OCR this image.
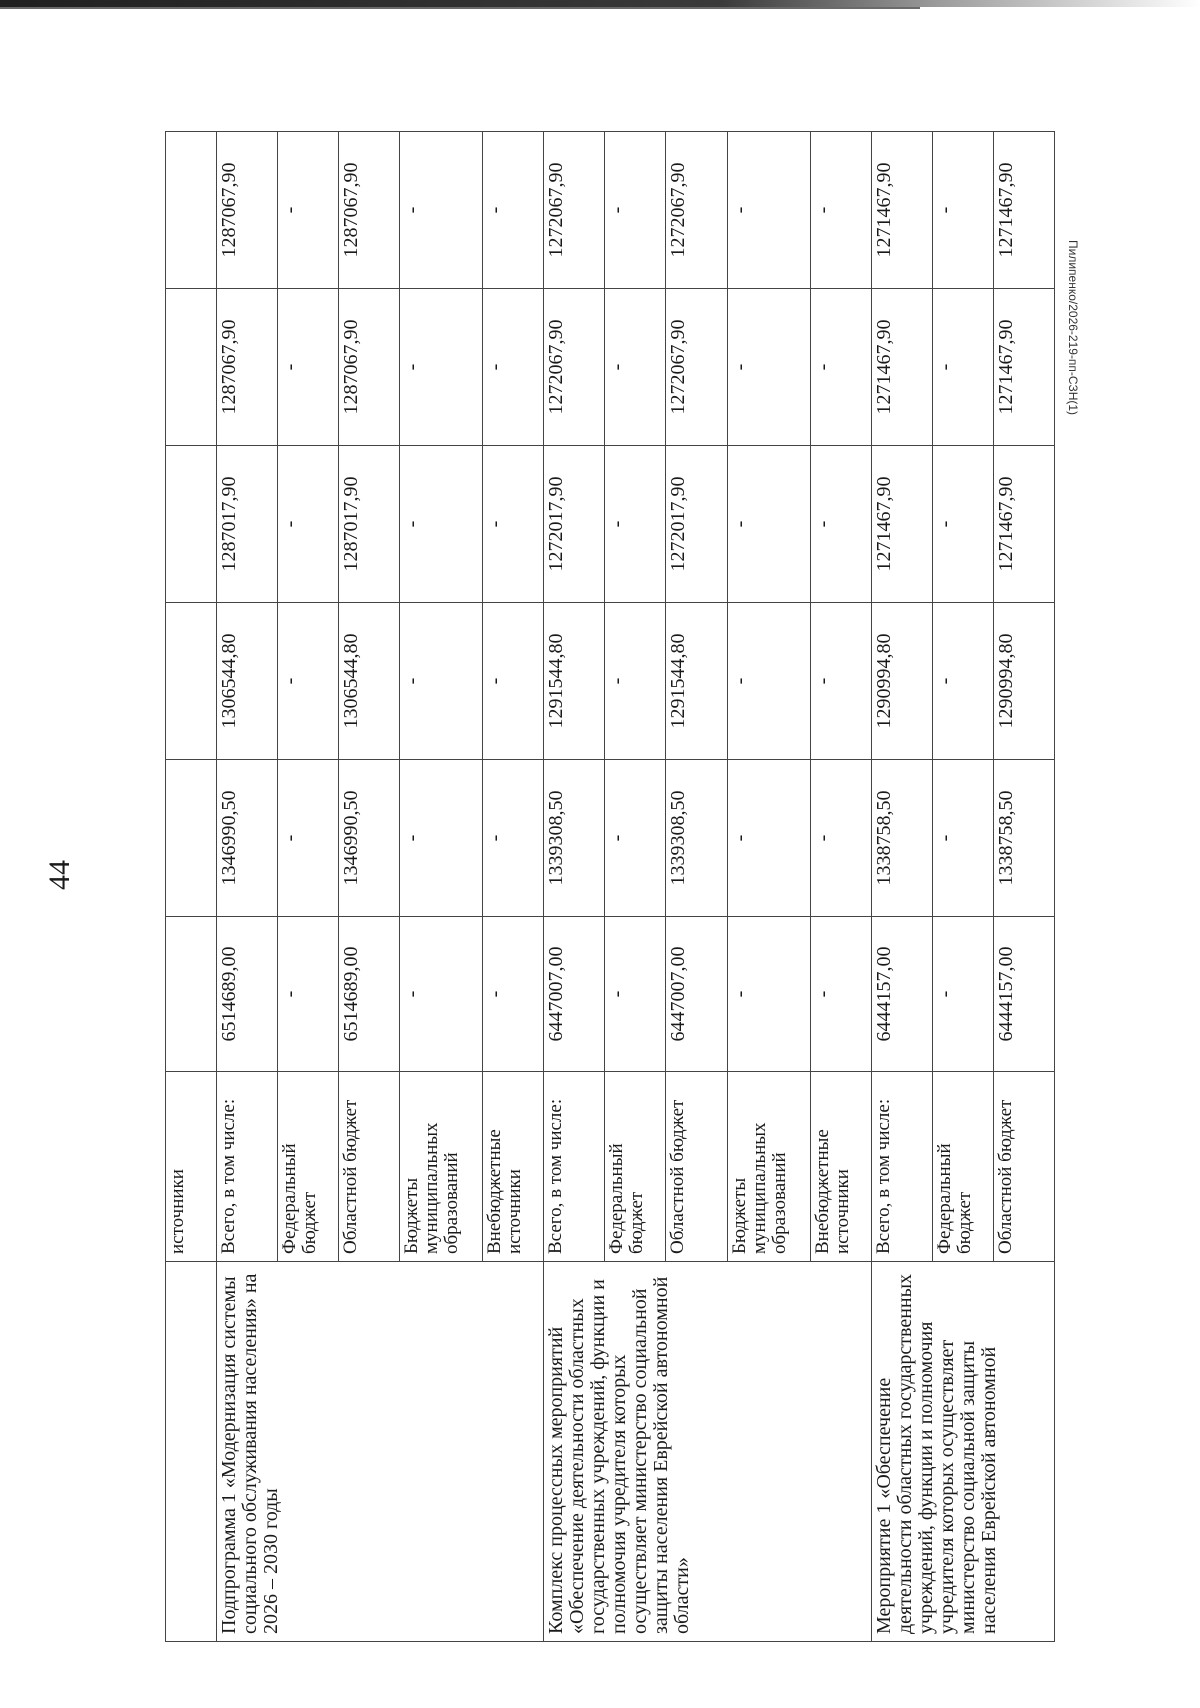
44
Пилипенко/2026-219-пп-СЗН(1)
	источники						
Подпрограмма 1 «Модернизация системы социального обслуживания населения» на 2026 – 2030 годы	Всего, в том числе:	6514689,00	1346990,50	1306544,80	1287017,90	1287067,90	1287067,90
	Федеральный бюджет	-	-	-	-	-	-
	Областной бюджет	6514689,00	1346990,50	1306544,80	1287017,90	1287067,90	1287067,90
	Бюджеты муниципальных образований	-	-	-	-	-	-
	Внебюджетные источники	-	-	-	-	-	-
Комплекс процессных мероприятий «Обеспечение деятельности областных государственных учреждений, функции и полномочия учредителя которых осуществляет министерство социальной защиты населения Еврейской автономной области»	Всего, в том числе:	6447007,00	1339308,50	1291544,80	1272017,90	1272067,90	1272067,90
	Федеральный бюджет	-	-	-	-	-	-
	Областной бюджет	6447007,00	1339308,50	1291544,80	1272017,90	1272067,90	1272067,90
	Бюджеты муниципальных образований	-	-	-	-	-	-
	Внебюджетные источники	-	-	-	-	-	-
Мероприятие 1 «Обеспечение деятельности областных государственных учреждений, функции и полномочия учредителя которых осуществляет министерство социальной защиты населения Еврейской автономной	Всего, в том числе:	6444157,00	1338758,50	1290994,80	1271467,90	1271467,90	1271467,90
	Федеральный бюджет	-	-	-	-	-	-
	Областной бюджет	6444157,00	1338758,50	1290994,80	1271467,90	1271467,90	1271467,90
